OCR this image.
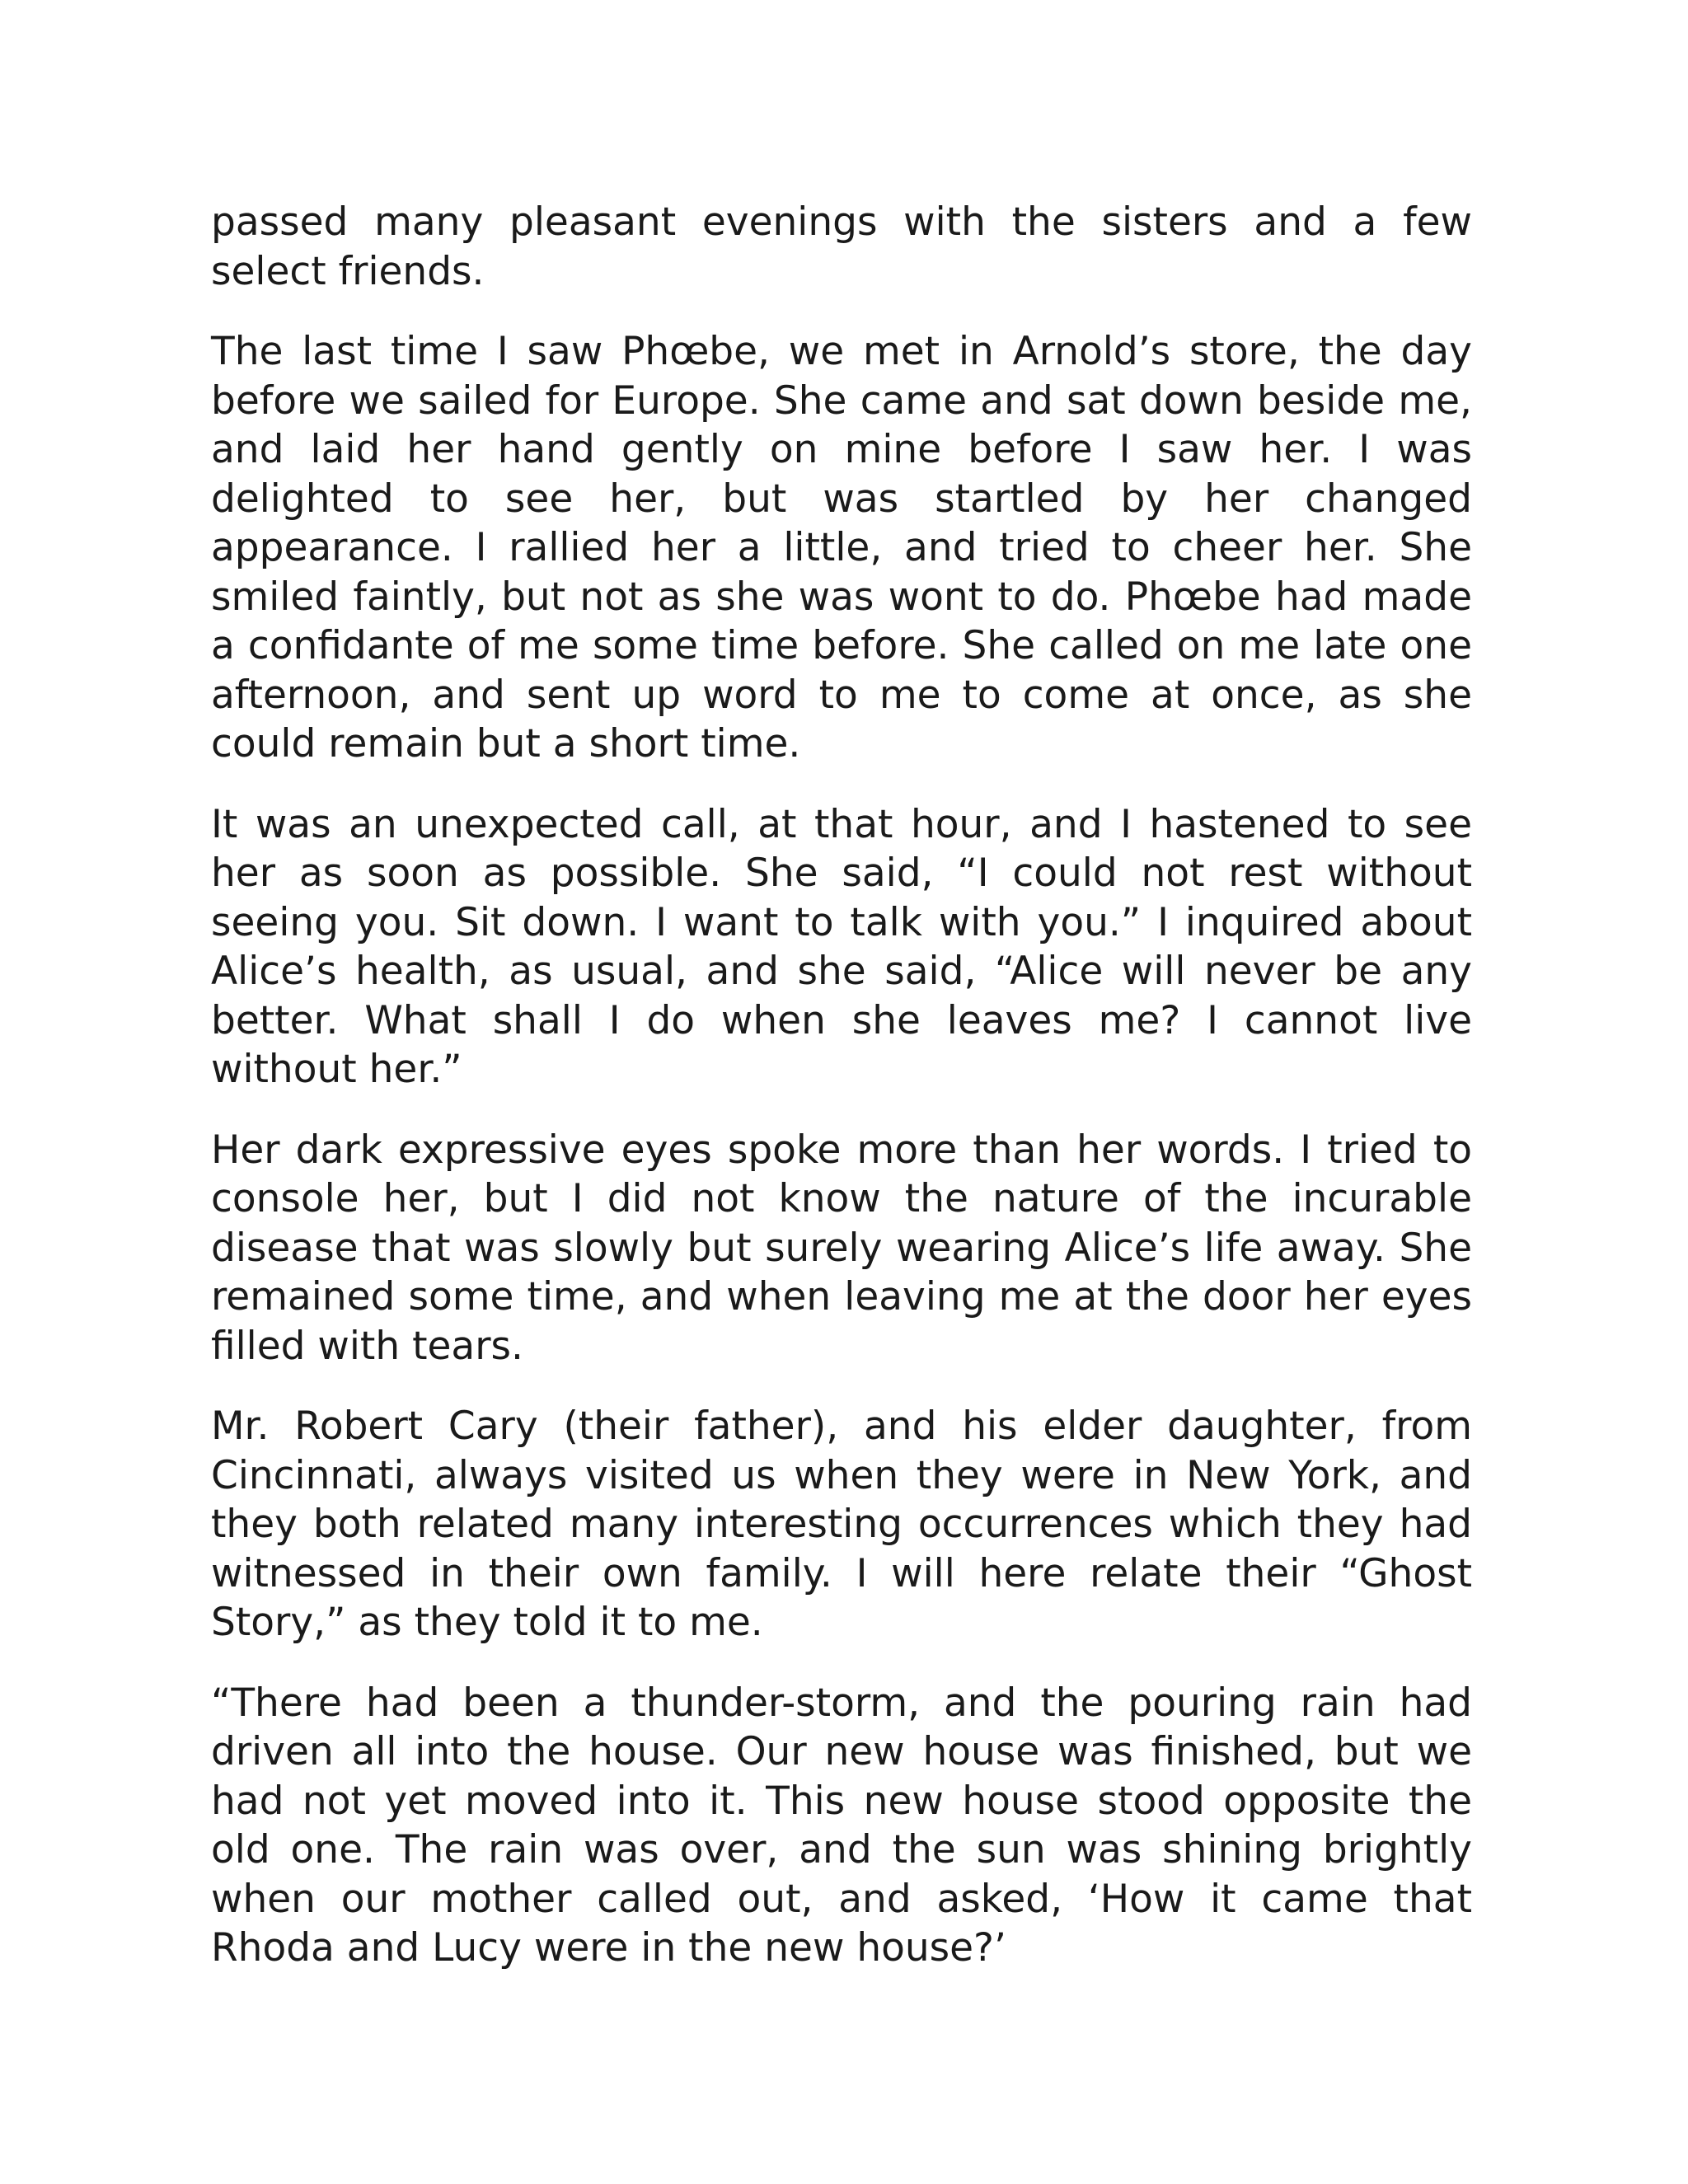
passed many pleasant evenings with the sisters and a few select friends.

The last time I saw Phœbe, we met in Arnold’s store, the day before we sailed for Europe. She came and sat down beside me, and laid her hand gently on mine before I saw her. I was delighted to see her, but was startled by her changed appearance. I rallied her a little, and tried to cheer her. She smiled faintly, but not as she was wont to do. Phœbe had made a confidante of me some time before. She called on me late one afternoon, and sent up word to me to come at once, as she could remain but a short time.

It was an unexpected call, at that hour, and I hastened to see her as soon as possible. She said, “I could not rest without seeing you. Sit down. I want to talk with you.” I inquired about Alice’s health, as usual, and she said, “Alice will never be any better. What shall I do when she leaves me? I cannot live without her.”

Her dark expressive eyes spoke more than her words. I tried to console her, but I did not know the nature of the incurable disease that was slowly but surely wearing Alice’s life away. She remained some time, and when leaving me at the door her eyes filled with tears.

Mr. Robert Cary (their father), and his elder daughter, from Cincinnati, always visited us when they were in New York, and they both related many interesting occurrences which they had witnessed in their own family. I will here relate their “Ghost Story,” as they told it to me.

“There had been a thunder-storm, and the pouring rain had driven all into the house. Our new house was finished, but we had not yet moved into it. This new house stood opposite the old one. The rain was over, and the sun was shining brightly when our mother called out, and asked, ‘How it came that Rhoda and Lucy were in the new house?’
